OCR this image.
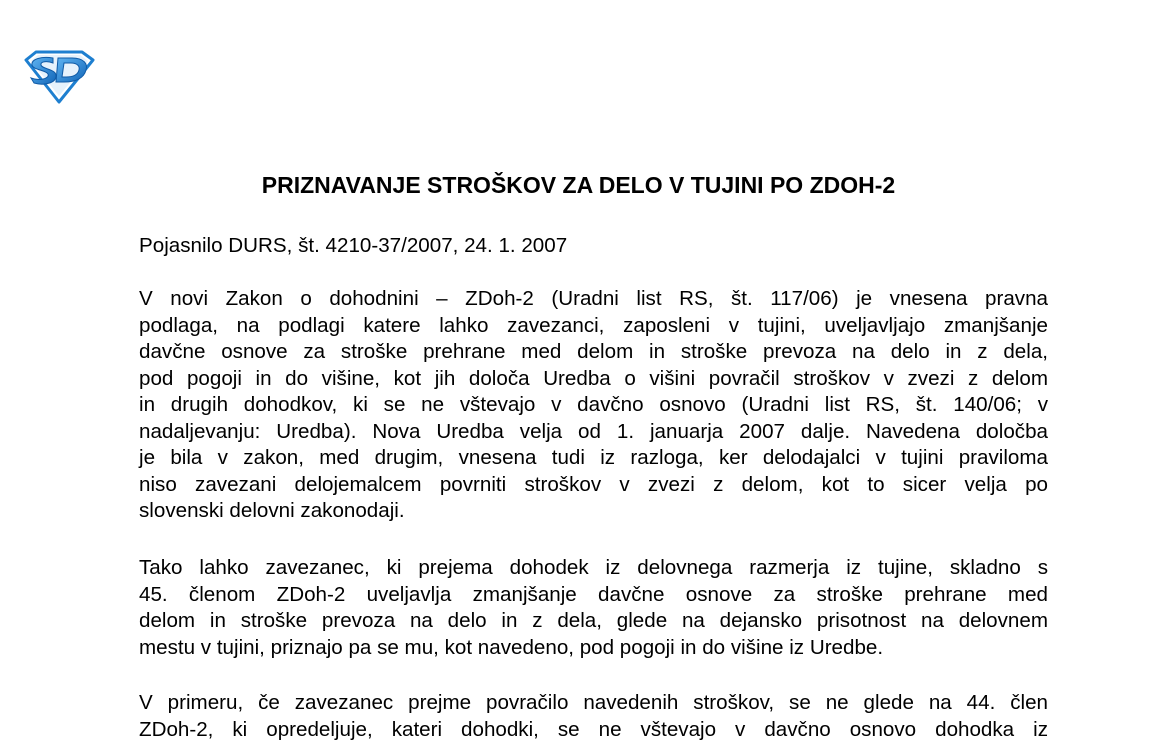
PRIZNAVANJE STROŠKOV ZA DELO V TUJINI PO ZDOH-2

Pojasnilo DURS, št. 4210-37/2007, 24. 1. 2007

V novi Zakon o dohodnini – ZDoh-2 (Uradni list RS, št. 117/06) je vnesena pravna
podlaga, na podlagi katere lahko zavezanci, zaposleni v tujini, uveljavljajo zmanjšanje
davčne osnove za stroške prehrane med delom in stroške prevoza na delo in z dela,
pod pogoji in do višine, kot jih določa Uredba o višini povračil stroškov v zvezi z delom
in drugih dohodkov, ki se ne vštevajo v davčno osnovo (Uradni list RS, št. 140/06; v
nadaljevanju: Uredba). Nova Uredba velja od 1. januarja 2007 dalje. Navedena določba
je bila v zakon, med drugim, vnesena tudi iz razloga, ker delodajalci v tujini praviloma
niso zavezani delojemalcem povrniti stroškov v zvezi z delom, kot to sicer velja po
slovenski delovni zakonodaji.
Tako lahko zavezanec, ki prejema dohodek iz delovnega razmerja iz tujine, skladno s
45. členom ZDoh-2 uveljavlja zmanjšanje davčne osnove za stroške prehrane med
delom in stroške prevoza na delo in z dela, glede na dejansko prisotnost na delovnem
mestu v tujini, priznajo pa se mu, kot navedeno, pod pogoji in do višine iz Uredbe.
V primeru, če zavezanec prejme povračilo navedenih stroškov, se ne glede na 44. člen
ZDoh-2, ki opredeljuje, kateri dohodki, se ne vštevajo v davčno osnovo dohodka iz
